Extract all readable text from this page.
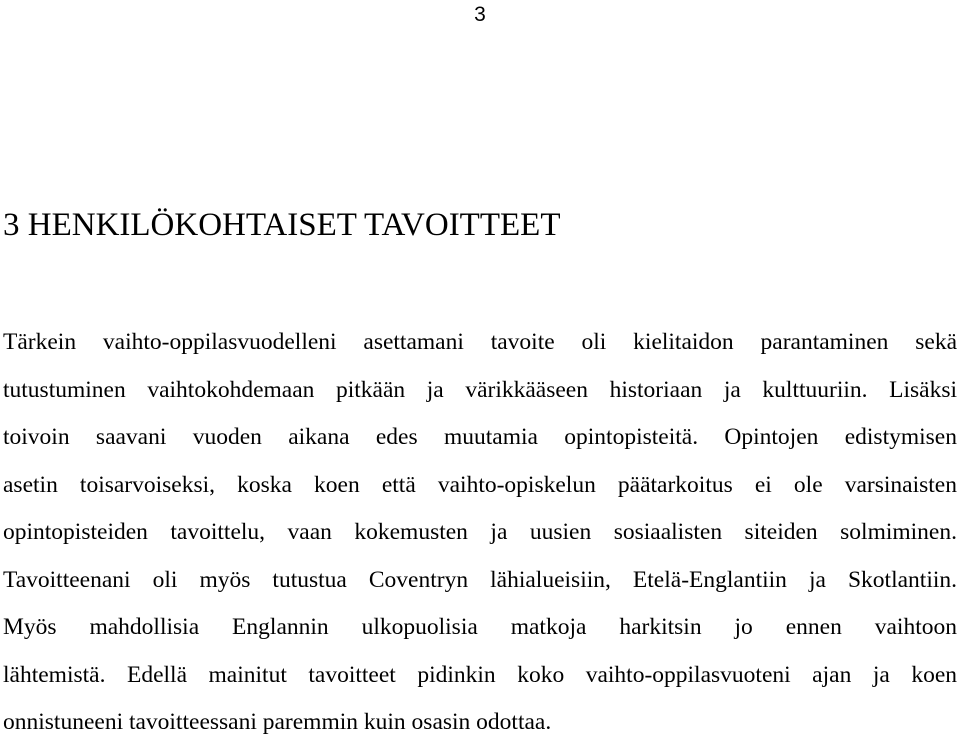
3
3 HENKILÖKOHTAISET TAVOITTEET
Tärkein vaihto-oppilasvuodelleni asettamani tavoite oli kielitaidon parantaminen sekä
tutustuminen vaihtokohdemaan pitkään ja värikkääseen historiaan ja kulttuuriin. Lisäksi
toivoin saavani vuoden aikana edes muutamia opintopisteitä. Opintojen edistymisen
asetin toisarvoiseksi, koska koen että vaihto-opiskelun päätarkoitus ei ole varsinaisten
opintopisteiden tavoittelu, vaan kokemusten ja uusien sosiaalisten siteiden solmiminen.
Tavoitteenani oli myös tutustua Coventryn lähialueisiin, Etelä-Englantiin ja Skotlantiin.
Myös mahdollisia Englannin ulkopuolisia matkoja harkitsin jo ennen vaihtoon
lähtemistä. Edellä mainitut tavoitteet pidinkin koko vaihto-oppilasvuoteni ajan ja koen
onnistuneeni tavoitteessani paremmin kuin osasin odottaa.
